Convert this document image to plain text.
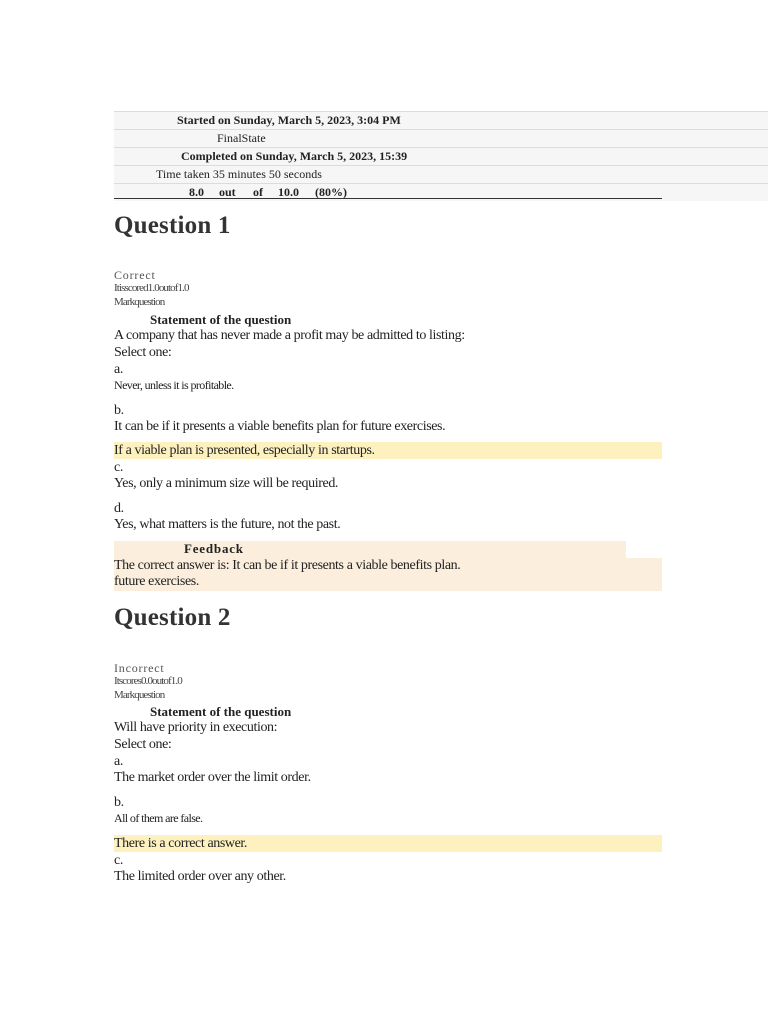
Started on Sunday, March 5, 2023, 3:04 PM
FinalState
Completed on Sunday, March 5, 2023, 15:39
Time taken 35 minutes 50 seconds
8.0 out of 10.0 (80%)
Question 1
Correct
Itisscored1.0outof1.0
Markquestion
Statement of the question
A company that has never made a profit may be admitted to listing:
Select one:
a.
Never, unless it is profitable.
b.
It can be if it presents a viable benefits plan for future exercises.
If a viable plan is presented, especially in startups.
c.
Yes, only a minimum size will be required.
d.
Yes, what matters is the future, not the past.
Feedback
The correct answer is: It can be if it presents a viable benefits plan.
future exercises.
Question 2
Incorrect
Itscores0.0outof1.0
Markquestion
Statement of the question
Will have priority in execution:
Select one:
a.
The market order over the limit order.
b.
All of them are false.
There is a correct answer.
c.
The limited order over any other.
